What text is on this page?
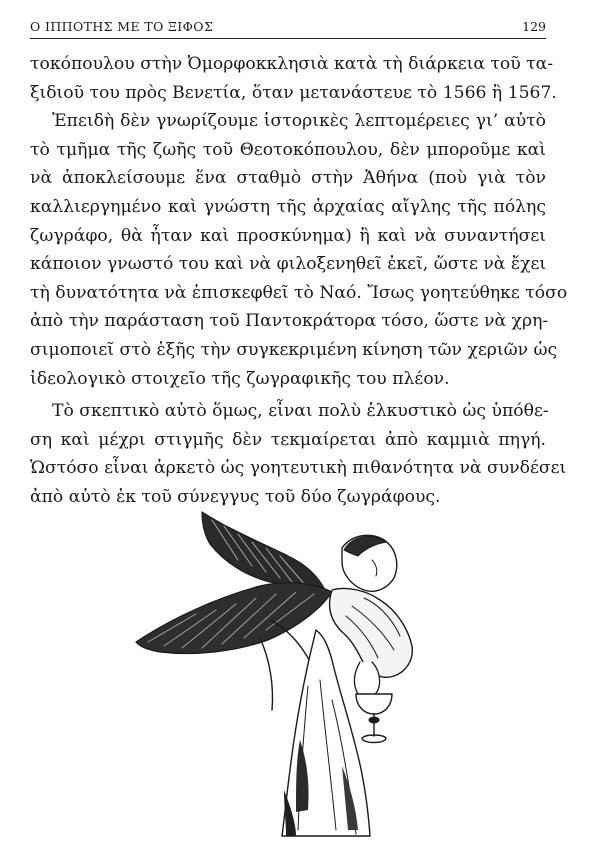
Ο ΙΠΠΟΤΗΣ ΜΕ ΤΟ ΞΙΦΟΣ	129
τοκόπουλου στὴν Ὀμορφοκκλησιὰ κατὰ τὴ διάρκεια τοῦ τα-
ξιδιοῦ του πρὸς Βενετία, ὅταν μετανάστευε τὸ 1566 ἢ 1567.
Ἐπειδὴ δὲν γνωρίζουμε ἱστορικὲς λεπτομέρειες γι’ αὐτὸ
τὸ τμῆμα τῆς ζωῆς τοῦ Θεοτοκόπουλου, δὲν μποροῦμε καὶ
νὰ ἀποκλείσουμε ἕνα σταθμὸ στὴν Ἀθήνα (ποὺ γιὰ τὸν
καλλιεργημένο καὶ γνώστη τῆς ἀρχαίας αἴγλης τῆς πόλης
ζωγράφο, θὰ ἦταν καὶ προσκύνημα) ἢ καὶ νὰ συναντήσει
κάποιον γνωστό του καὶ νὰ φιλοξενηθεῖ ἐκεῖ, ὥστε νὰ ἔχει
τὴ δυνατότητα νὰ ἐπισκεφθεῖ τὸ Ναό. Ἴσως γοητεύθηκε τόσο
ἀπὸ τὴν παράσταση τοῦ Παντοκράτορα τόσο, ὥστε νὰ χρη-
σιμοποιεῖ στὸ ἑξῆς τὴν συγκεκριμένη κίνηση τῶν χεριῶν ὡς
ἰδεολογικὸ στοιχεῖο τῆς ζωγραφικῆς του πλέον.
Τὸ σκεπτικὸ αὐτὸ ὅμως, εἶναι πολὺ ἑλκυστικὸ ὡς ὑπόθε-
ση καὶ μέχρι στιγμῆς δὲν τεκμαίρεται ἀπὸ καμμιὰ πηγή.
Ὡστόσο εἶναι ἀρκετὸ ὡς γοητευτικὴ πιθανότητα νὰ συνδέσει
ἀπὸ αὐτὸ ἐκ τοῦ σύνεγγυς τοῦ δύο ζωγράφους.
